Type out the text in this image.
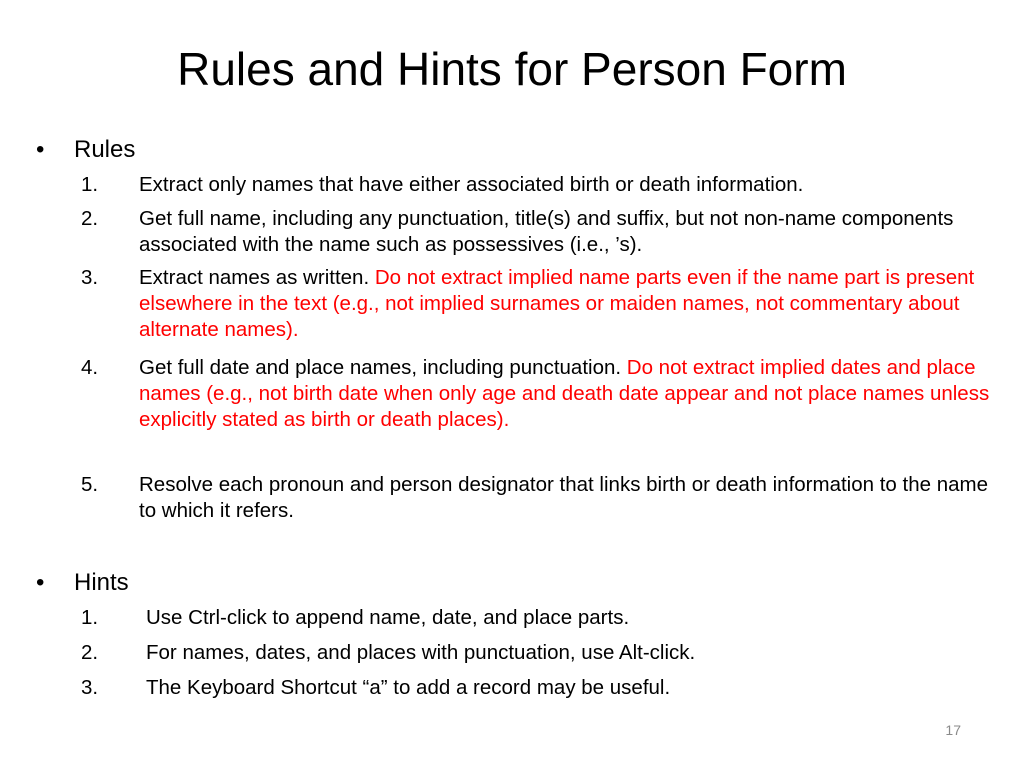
Rules and Hints for Person Form
• Rules
1. Extract only names that have either associated birth or death information.
2. Get full name, including any punctuation, title(s) and suffix, but not non-name components associated with the name such as possessives (i.e., ’s).
3. Extract names as written. Do not extract implied name parts even if the name part is present elsewhere in the text (e.g., not implied surnames or maiden names, not commentary about alternate names).
4. Get full date and place names, including punctuation. Do not extract implied dates and place names (e.g., not birth date when only age and death date appear and not place names unless explicitly stated as birth or death places).
5. Resolve each pronoun and person designator that links birth or death information to the name to which it refers.
• Hints
1. Use Ctrl-click to append name, date, and place parts.
2. For names, dates, and places with punctuation, use Alt-click.
3. The Keyboard Shortcut “a” to add a record may be useful.
17
